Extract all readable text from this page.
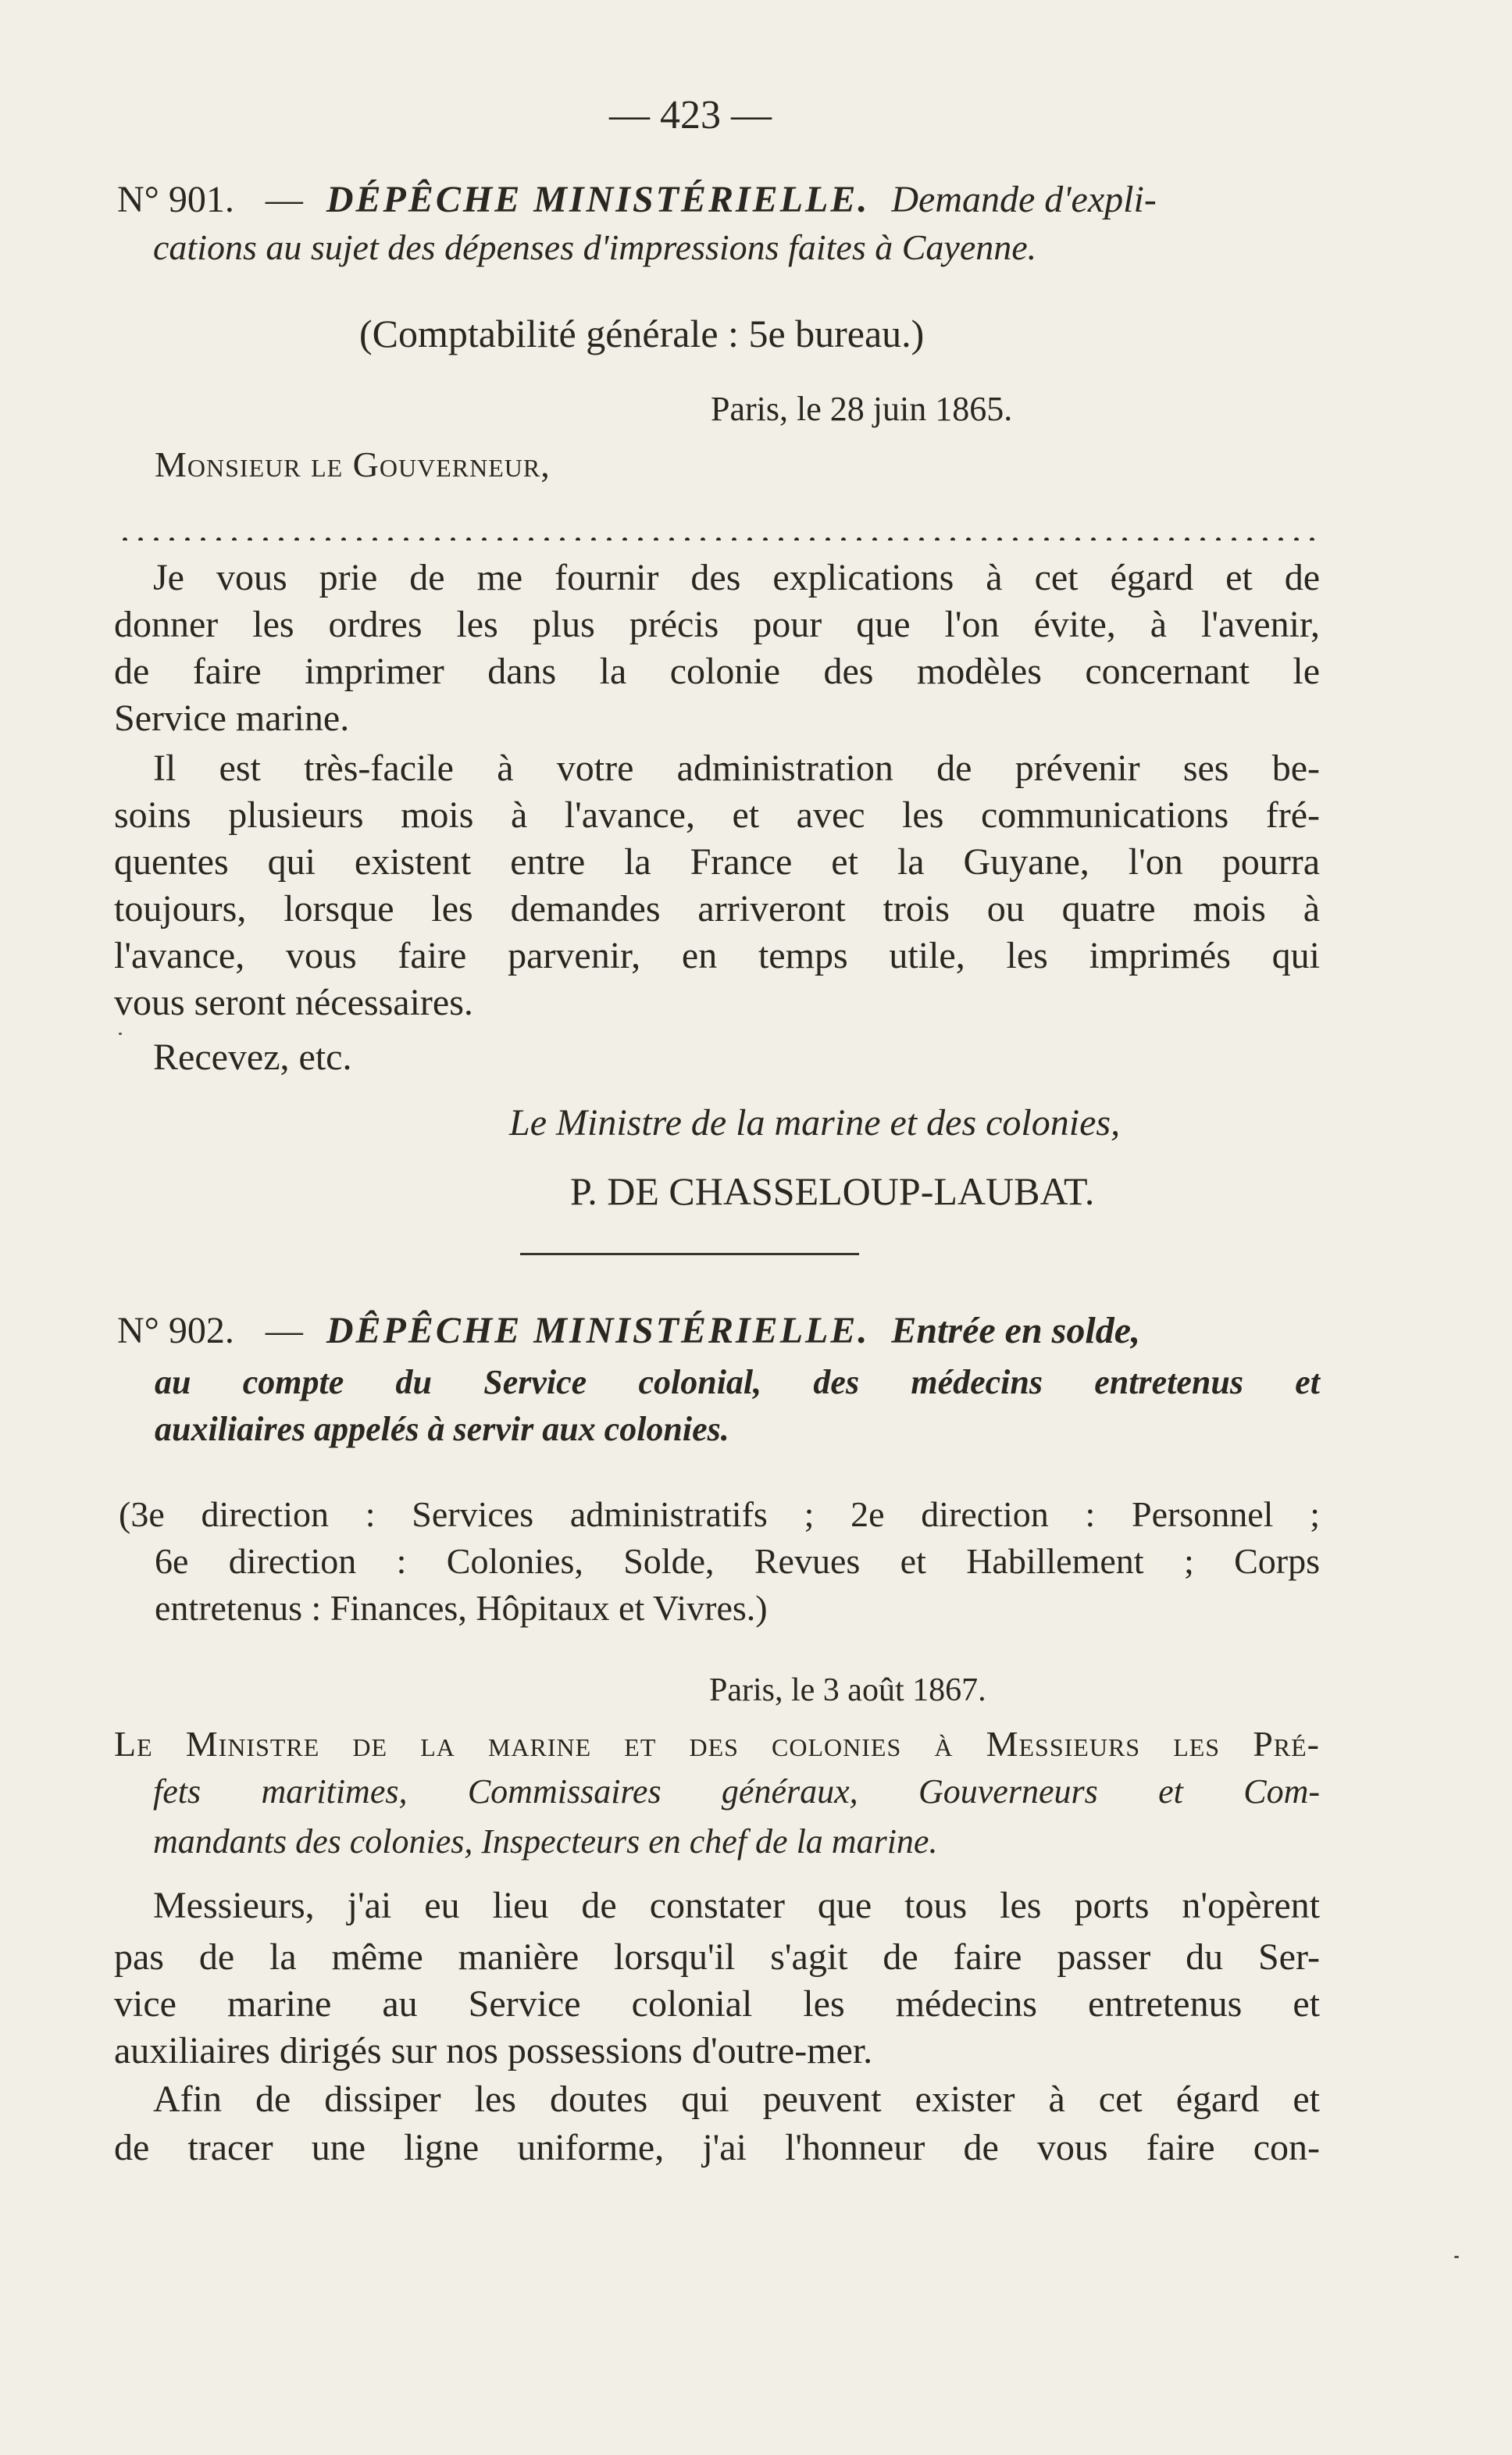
— 423 —
N° 901. — DÉPÊCHE MINISTÉRIELLE. Demande d'expli-
cations au sujet des dépenses d'impressions faites à Cayenne.
(Comptabilité générale : 5e bureau.)
Paris, le 28 juin 1865.
Monsieur le Gouverneur,
Je vous prie de me fournir des explications à cet égard et de
donner les ordres les plus précis pour que l'on évite, à l'avenir,
de faire imprimer dans la colonie des modèles concernant le
Service marine.
Il est très-facile à votre administration de prévenir ses be-
soins plusieurs mois à l'avance, et avec les communications fré-
quentes qui existent entre la France et la Guyane, l'on pourra
toujours, lorsque les demandes arriveront trois ou quatre mois à
l'avance, vous faire parvenir, en temps utile, les imprimés qui
vous seront nécessaires.
Recevez, etc.
Le Ministre de la marine et des colonies,
P. DE CHASSELOUP-LAUBAT.
N° 902. — DÊPÊCHE MINISTÉRIELLE. Entrée en solde,
au compte du Service colonial, des médecins entretenus et
auxiliaires appelés à servir aux colonies.
(3e direction : Services administratifs ; 2e direction : Personnel ;
6e direction : Colonies, Solde, Revues et Habillement ; Corps
entretenus : Finances, Hôpitaux et Vivres.)
Paris, le 3 août 1867.
Le Ministre de la marine et des colonies à Messieurs les Pré-
fets maritimes, Commissaires généraux, Gouverneurs et Com-
mandants des colonies, Inspecteurs en chef de la marine.
Messieurs, j'ai eu lieu de constater que tous les ports n'opèrent
pas de la même manière lorsqu'il s'agit de faire passer du Ser-
vice marine au Service colonial les médecins entretenus et
auxiliaires dirigés sur nos possessions d'outre-mer.
Afin de dissiper les doutes qui peuvent exister à cet égard et
de tracer une ligne uniforme, j'ai l'honneur de vous faire con-
